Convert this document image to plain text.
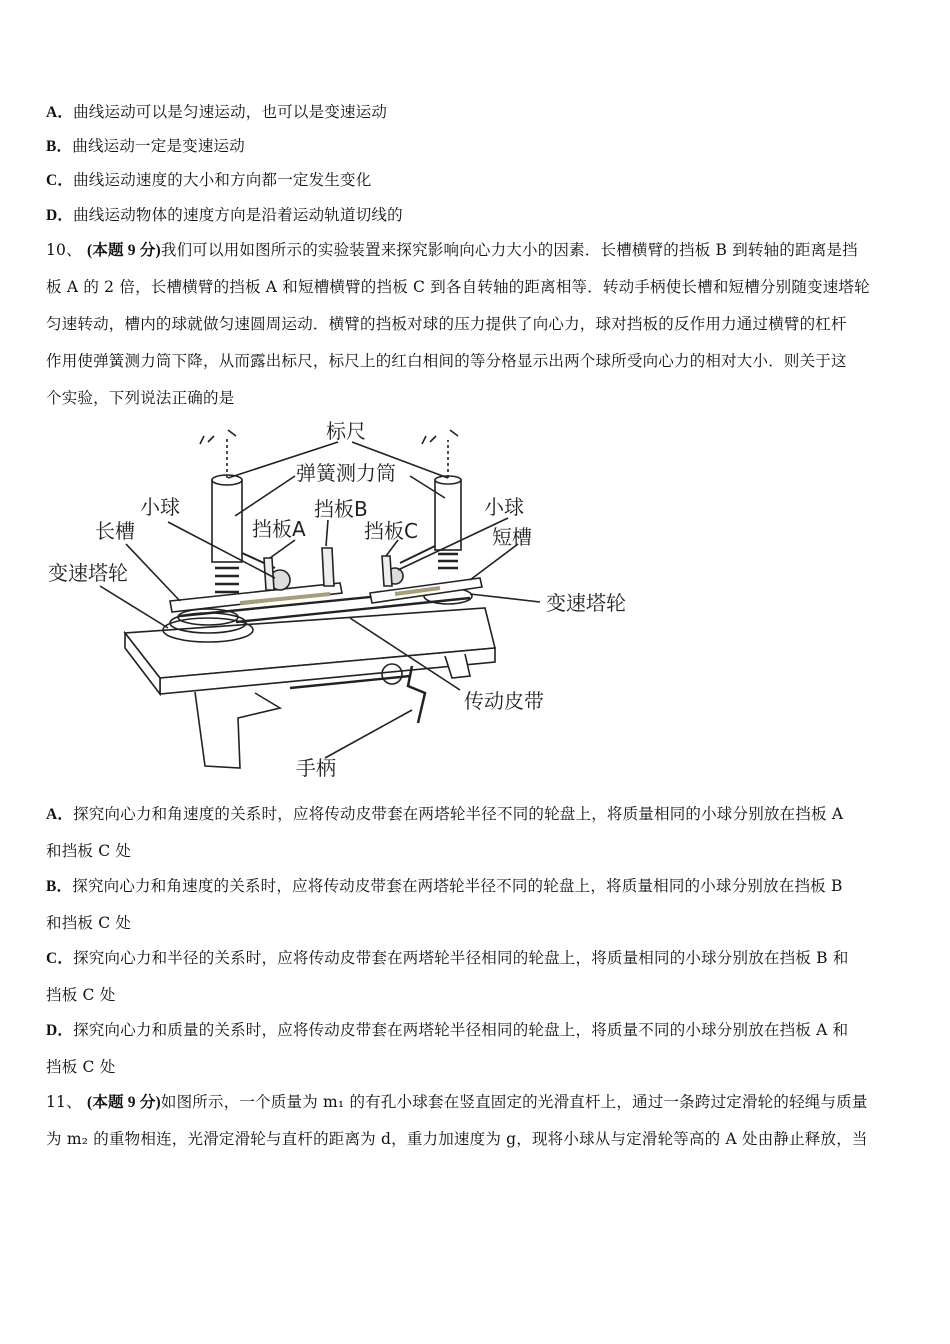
A．曲线运动可以是匀速运动，也可以是变速运动
B．曲线运动一定是变速运动
C．曲线运动速度的大小和方向都一定发生变化
D．曲线运动物体的速度方向是沿着运动轨道切线的
10、 (本题 9 分)我们可以用如图所示的实验装置来探究影响向心力大小的因素．长槽横臂的挡板 B 到转轴的距离是挡
板 A 的 2 倍，长槽横臂的挡板 A 和短槽横臂的挡板 C 到各自转轴的距离相等．转动手柄使长槽和短槽分别随变速塔轮
匀速转动，槽内的球就做匀速圆周运动．横臂的挡板对球的压力提供了向心力，球对挡板的反作用力通过横臂的杠杆
作用使弹簧测力筒下降，从而露出标尺，标尺上的红白相间的等分格显示出两个球所受向心力的相对大小．则关于这
个实验，下列说法正确的是
标尺
弹簧测力筒
小球	小球
挡板B
挡板A	挡板C
长槽	短槽
变速塔轮
变速塔轮
传动皮带
手柄
A．探究向心力和角速度的关系时，应将传动皮带套在两塔轮半径不同的轮盘上，将质量相同的小球分别放在挡板 A
和挡板 C 处
B．探究向心力和角速度的关系时，应将传动皮带套在两塔轮半径不同的轮盘上，将质量相同的小球分别放在挡板 B
和挡板 C 处
C．探究向心力和半径的关系时，应将传动皮带套在两塔轮半径相同的轮盘上，将质量相同的小球分别放在挡板 B 和
挡板 C 处
D．探究向心力和质量的关系时，应将传动皮带套在两塔轮半径相同的轮盘上，将质量不同的小球分别放在挡板 A 和
挡板 C 处
11、 (本题 9 分)如图所示，一个质量为 m₁ 的有孔小球套在竖直固定的光滑直杆上，通过一条跨过定滑轮的轻绳与质量
为 m₂ 的重物相连，光滑定滑轮与直杆的距离为 d，重力加速度为 g，现将小球从与定滑轮等高的 A 处由静止释放，当
